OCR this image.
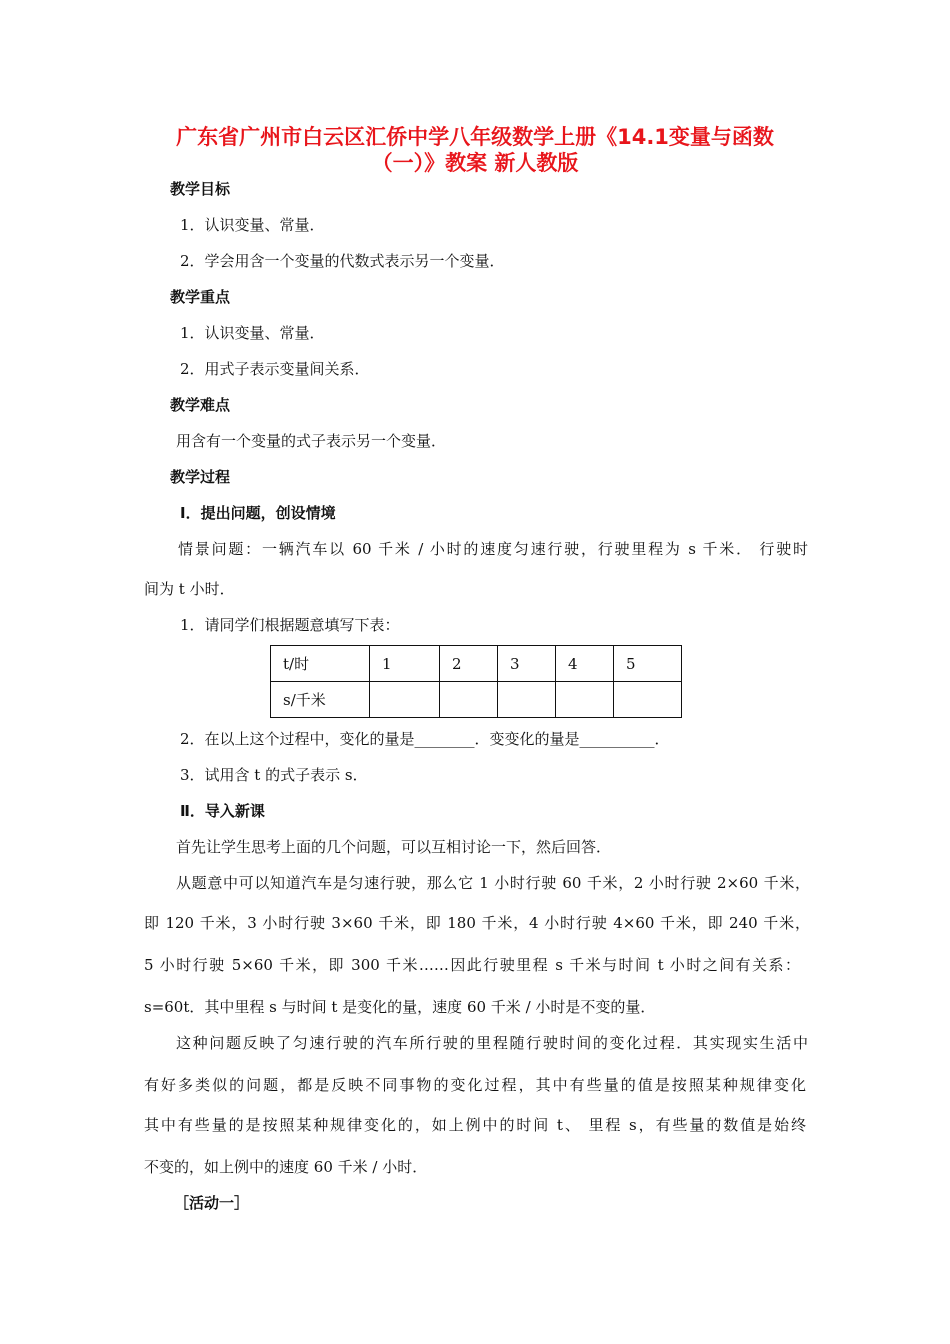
广东省广州市白云区汇侨中学八年级数学上册《14.1变量与函数
（一）》教案 新人教版
教学目标
1．认识变量、常量．
2．学会用含一个变量的代数式表示另一个变量．
教学重点
1．认识变量、常量．
2．用式子表示变量间关系．
教学难点
用含有一个变量的式子表示另一个变量．
教学过程
Ⅰ．提出问题，创设情境
情景问题：一辆汽车以 60 千米 / 小时的速度匀速行驶，行驶里程为 s 千米． 行驶时
间为 t 小时．
1．请同学们根据题意填写下表：
t/时	1	2	3	4	5
s/千米					
2．在以上这个过程中，变化的量是________．变变化的量是__________．
3．试用含 t 的式子表示 s．
Ⅱ．导入新课
首先让学生思考上面的几个问题，可以互相讨论一下，然后回答．
从题意中可以知道汽车是匀速行驶，那么它 1 小时行驶 60 千米，2 小时行驶 2×60 千米，
即 120 千米，3 小时行驶 3×60 千米，即 180 千米，4 小时行驶 4×60 千米，即 240 千米，
5 小时行驶 5×60 千米，即 300 千米……因此行驶里程 s 千米与时间 t 小时之间有关系：
s=60t．其中里程 s 与时间 t 是变化的量，速度 60 千米 / 小时是不变的量．
这种问题反映了匀速行驶的汽车所行驶的里程随行驶时间的变化过程．其实现实生活中
有好多类似的问题，都是反映不同事物的变化过程，其中有些量的值是按照某种规律变化
其中有些量的是按照某种规律变化的，如上例中的时间 t、 里程 s，有些量的数值是始终
不变的，如上例中的速度 60 千米 / 小时．
［活动一］
